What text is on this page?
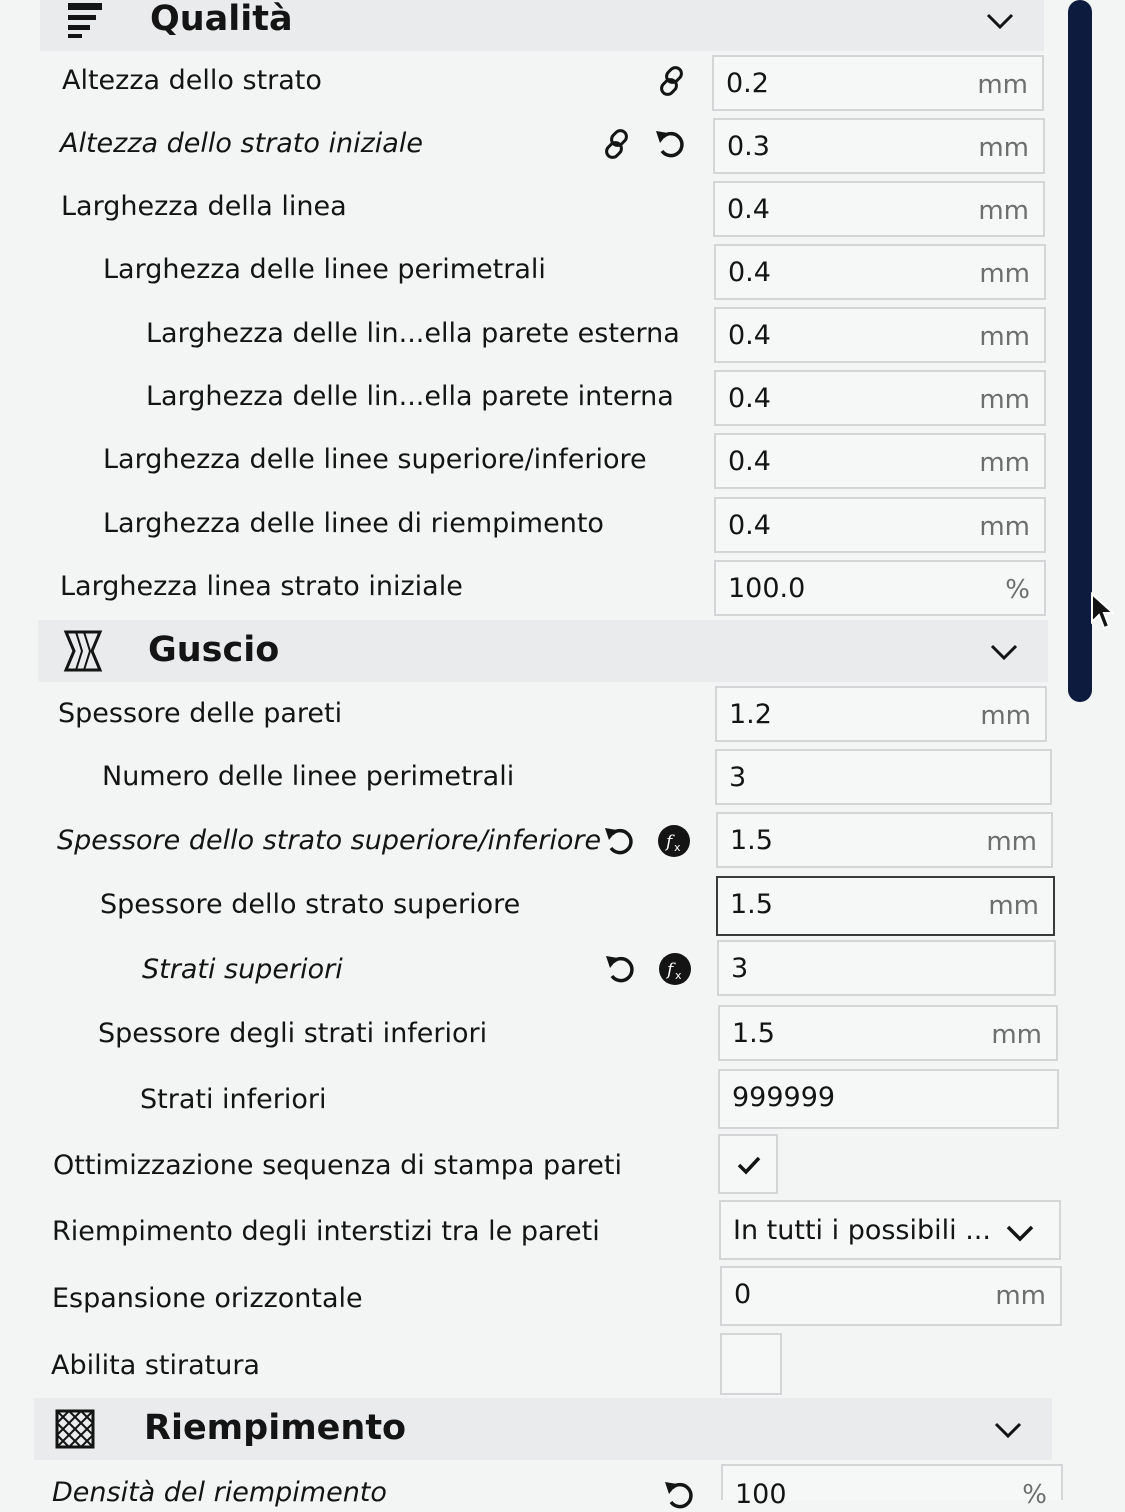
Qualità
Altezza dello strato	0.2	mm
Altezza dello strato iniziale	0.3	mm
Larghezza della linea	0.4	mm
Larghezza delle linee perimetrali	0.4	mm
Larghezza delle lin...ella parete esterna 0.4	mm
Larghezza delle lin...ella parete interna 0.4	mm
Larghezza delle linee superiore/inferiore	0.4	mm
Larghezza delle linee di riempimento	0.4	mm
Larghezza linea strato iniziale	100.0	%
Guscio
Spessore delle pareti	1.2	mm
Numero delle linee perimetrali	3
Spessore dello strato superiore/inferiore	f x 1.5	mm
Spessore dello strato superiore	1.5	mm
Strati superiori	f x 3
Spessore degli strati inferiori	1.5	mm
Strati inferiori	999999
Ottimizzazione sequenza di stampa pareti
Riempimento degli interstizi tra le pareti	In tutti i possibili ...
Espansione orizzontale	0	mm
Abilita stiratura
Riempimento
Densità del riempimento	100	%
